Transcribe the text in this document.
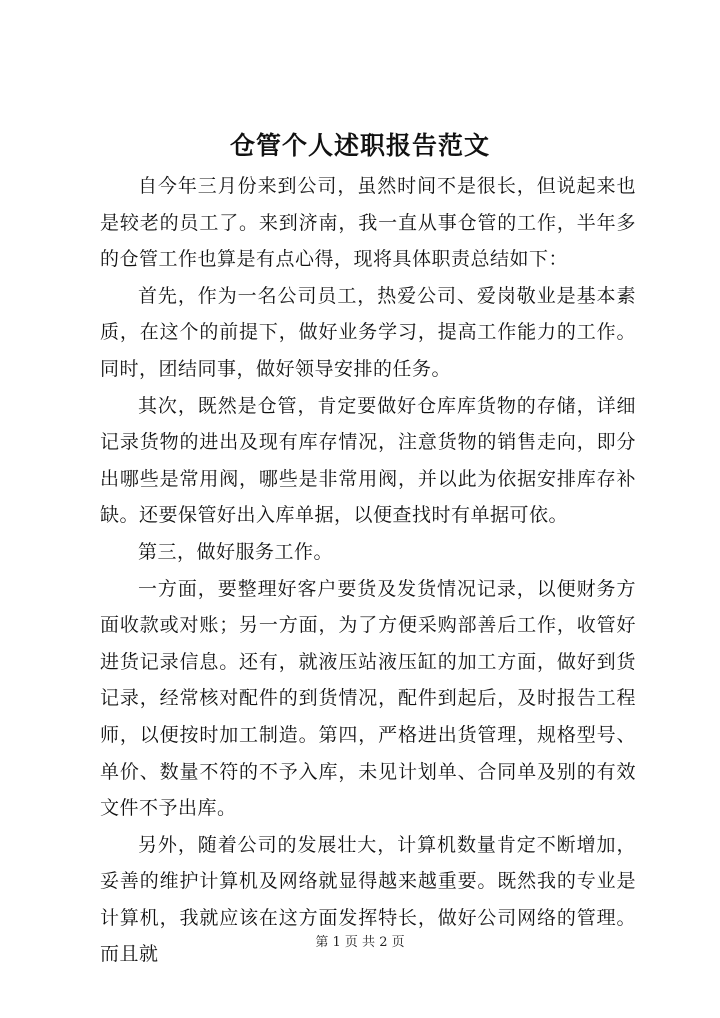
仓管个人述职报告范文

自今年三月份来到公司，虽然时间不是很长，但说起来也是较老的员工了。来到济南，我一直从事仓管的工作，半年多的仓管工作也算是有点心得，现将具体职责总结如下：

首先，作为一名公司员工，热爱公司、爱岗敬业是基本素质，在这个的前提下，做好业务学习，提高工作能力的工作。同时，团结同事，做好领导安排的任务。

其次，既然是仓管，肯定要做好仓库库货物的存储，详细记录货物的进出及现有库存情况，注意货物的销售走向，即分出哪些是常用阀，哪些是非常用阀，并以此为依据安排库存补缺。还要保管好出入库单据，以便查找时有单据可依。

第三，做好服务工作。

一方面，要整理好客户要货及发货情况记录，以便财务方面收款或对账；另一方面，为了方便采购部善后工作，收管好进货记录信息。还有，就液压站液压缸的加工方面，做好到货记录，经常核对配件的到货情况，配件到起后，及时报告工程师，以便按时加工制造。第四，严格进出货管理，规格型号、单价、数量不符的不予入库，未见计划单、合同单及别的有效文件不予出库。

另外，随着公司的发展壮大，计算机数量肯定不断增加，妥善的维护计算机及网络就显得越来越重要。既然我的专业是计算机，我就应该在这方面发挥特长，做好公司网络的管理。而且就

第 1 页 共 2 页
